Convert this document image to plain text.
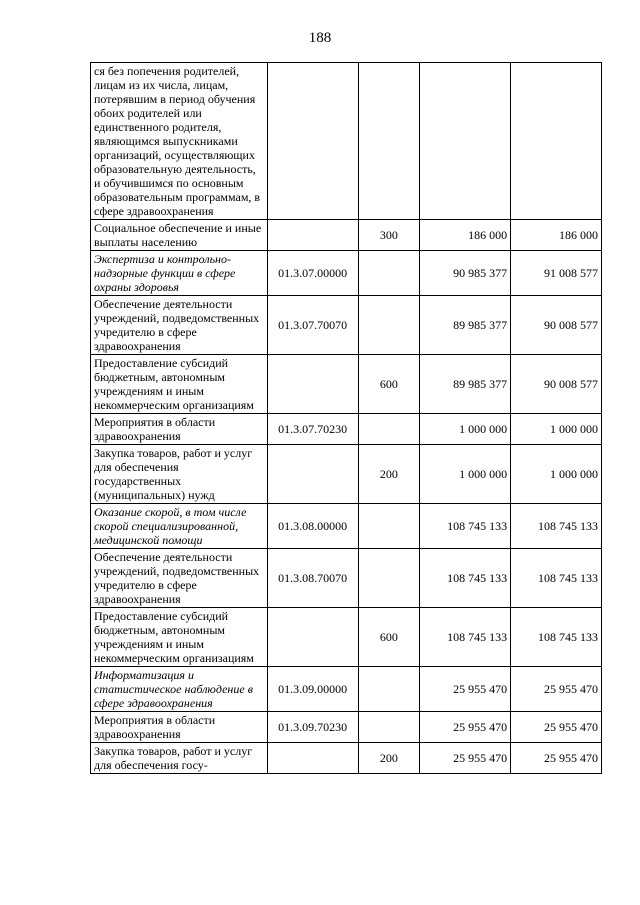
188
ся без попечения родителей, лицам из их числа, лицам, потерявшим в период обучения обоих родителей или единственного родителя, являющимся выпускниками организаций, осуществляющих образовательную деятельность, и обучившимся по основным образовательным программам, в сфере здравоохранения				
Социальное обеспечение и иные выплаты населению		300	186 000	186 000
Экспертиза и контрольно-надзорные функции в сфере охраны здоровья	01.3.07.00000		90 985 377	91 008 577
Обеспечение деятельности учреждений, подведомственных учредителю в сфере здравоохранения	01.3.07.70070		89 985 377	90 008 577
Предоставление субсидий бюджетным, автономным учреждениям и иным некоммерческим организациям		600	89 985 377	90 008 577
Мероприятия в области здравоохранения	01.3.07.70230		1 000 000	1 000 000
Закупка товаров, работ и услуг для обеспечения государственных (муниципальных) нужд		200	1 000 000	1 000 000
Оказание скорой, в том числе скорой специализированной, медицинской помощи	01.3.08.00000		108 745 133	108 745 133
Обеспечение деятельности учреждений, подведомственных учредителю в сфере здравоохранения	01.3.08.70070		108 745 133	108 745 133
Предоставление субсидий бюджетным, автономным учреждениям и иным некоммерческим организациям		600	108 745 133	108 745 133
Информатизация и статистическое наблюдение в сфере здравоохранения	01.3.09.00000		25 955 470	25 955 470
Мероприятия в области здравоохранения	01.3.09.70230		25 955 470	25 955 470
Закупка товаров, работ и услуг для обеспечения госу-		200	25 955 470	25 955 470
